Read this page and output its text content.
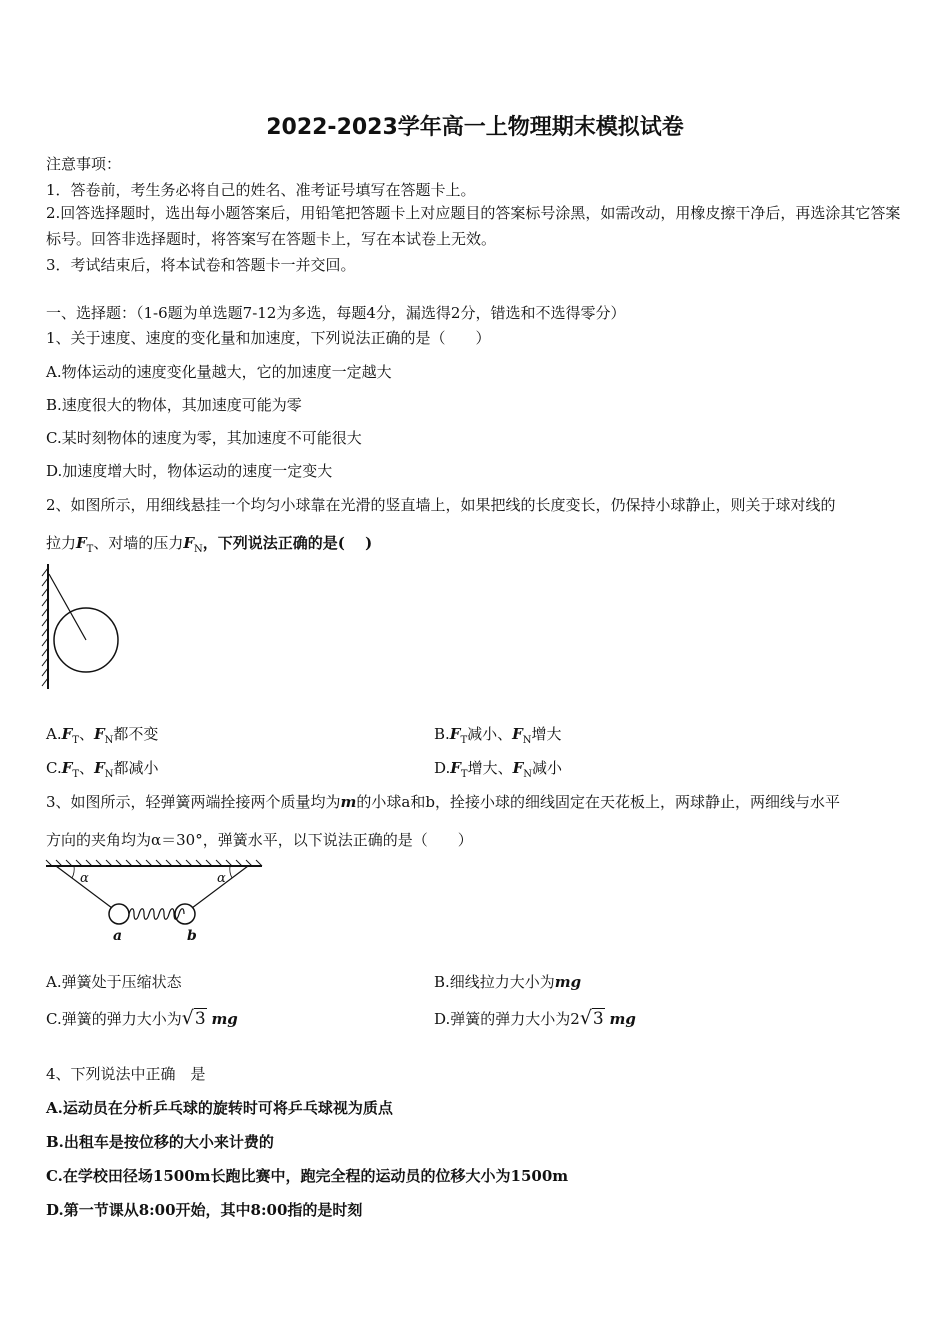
2022-2023学年高一上物理期末模拟试卷
注意事项：
1．答卷前，考生务必将自己的姓名、准考证号填写在答题卡上。
2.回答选择题时，选出每小题答案后，用铅笔把答题卡上对应题目的答案标号涂黑，如需改动，用橡皮擦干净后，再选涂其它答案标号。回答非选择题时，将答案写在答题卡上，写在本试卷上无效。
3．考试结束后，将本试卷和答题卡一并交回。
一、选择题：（1-6题为单选题7-12为多选，每题4分，漏选得2分，错选和不选得零分）
1、关于速度、速度的变化量和加速度，下列说法正确的是（　　）
A.物体运动的速度变化量越大，它的加速度一定越大
B.速度很大的物体，其加速度可能为零
C.某时刻物体的速度为零，其加速度不可能很大
D.加速度增大时，物体运动的速度一定变大
2、如图所示，用细线悬挂一个均匀小球靠在光滑的竖直墙上，如果把线的长度变长，仍保持小球静止，则关于球对线的
拉力$F_T$、对墙的压力$F_N$，下列说法正确的是(　 )
$A.F_T$、$F_N$都不变	$B.F_T$减小、$F_N$增大
$C.F_T$、$F_N$都减小	$D.F_T$增大、$F_N$减小
3、如图所示，轻弹簧两端拴接两个质量均为m的小球a和b，拴接小球的细线固定在天花板上，两球静止，两细线与水平
方向的夹角均为α＝30°，弹簧水平，以下说法正确的是（　　）
α	α
a	b
A.弹簧处于压缩状态	B.细线拉力大小为mg
C.弹簧的弹力大小为√3 mg	D.弹簧的弹力大小为2√3 mg
4、下列说法中正确　是
A.运动员在分析乒乓球的旋转时可将乒乓球视为质点
B.出租车是按位移的大小来计费的
C.在学校田径场1500m长跑比赛中，跑完全程的运动员的位移大小为1500m
D.第一节课从8:00开始，其中8:00指的是时刻
